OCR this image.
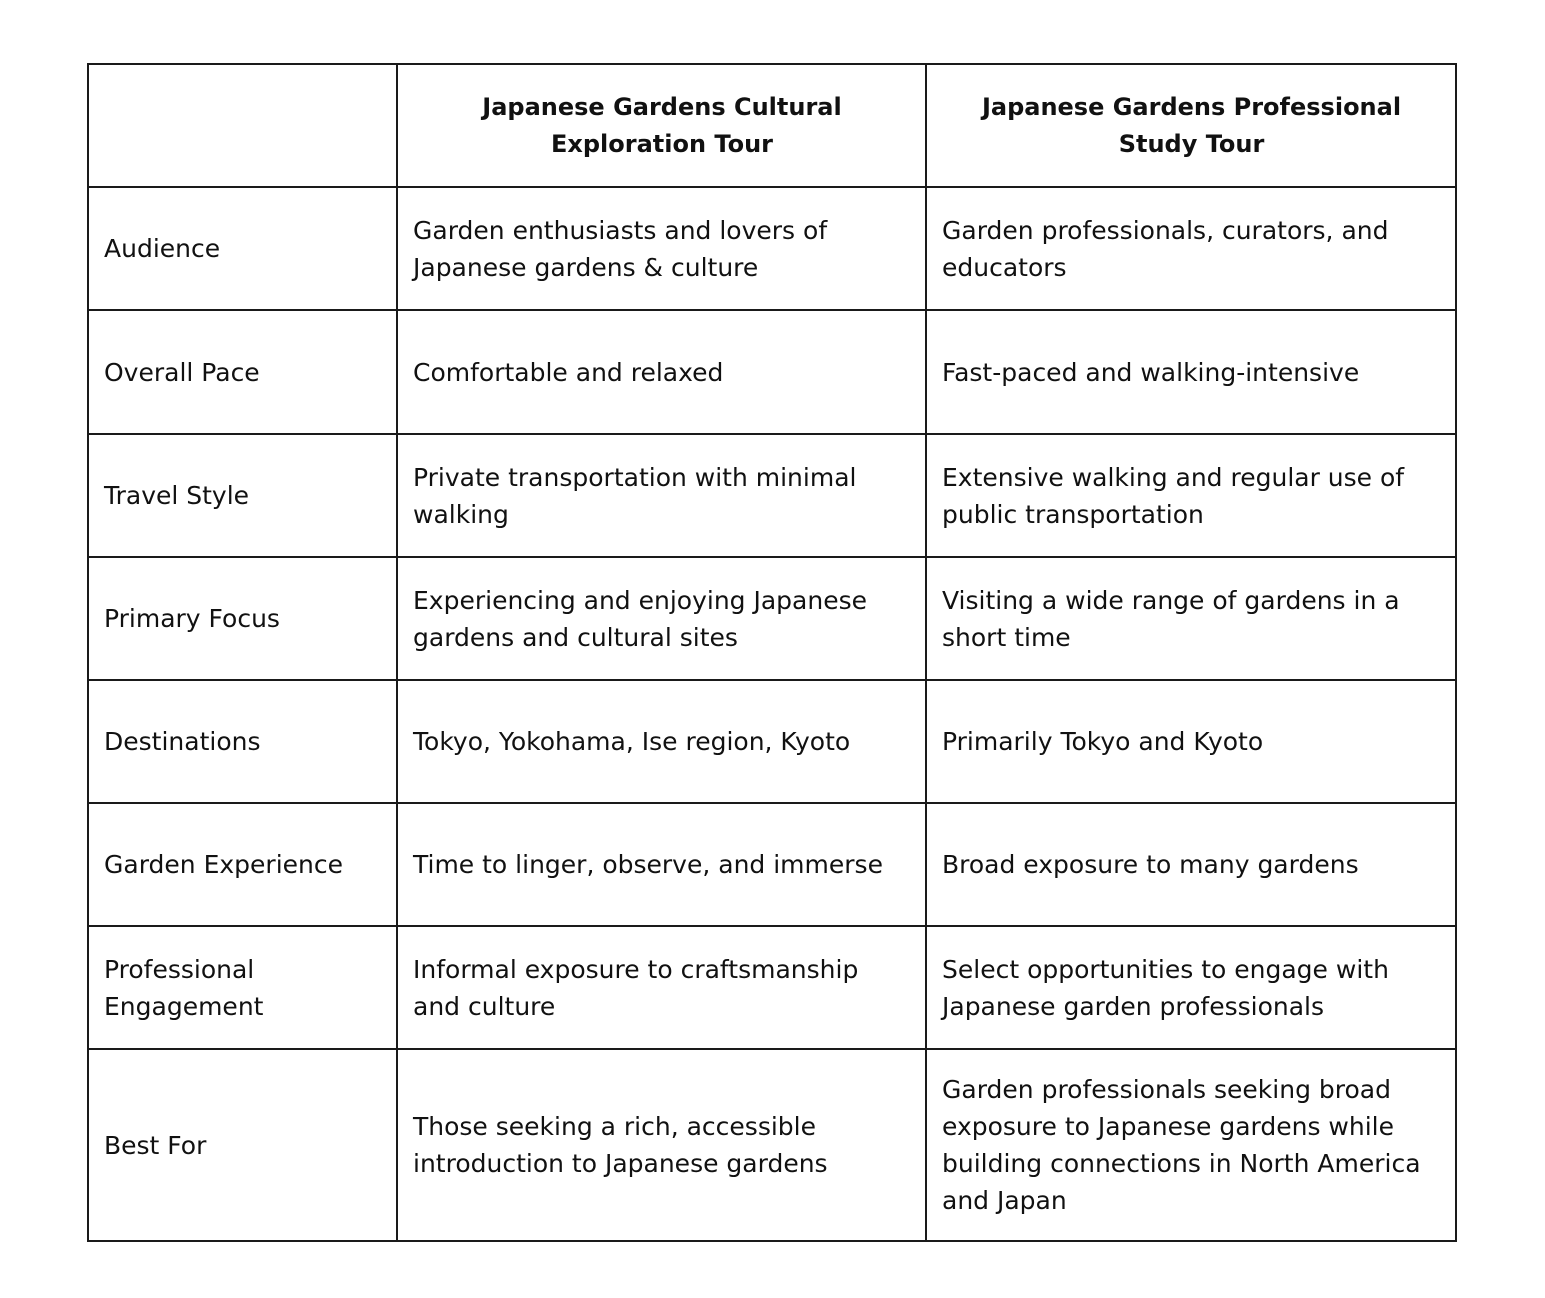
	Japanese Gardens Cultural Exploration Tour	Japanese Gardens Professional Study Tour
Audience	Garden enthusiasts and lovers of Japanese gardens & culture	Garden professionals, curators, and educators
Overall Pace	Comfortable and relaxed	Fast-paced and walking-intensive
Travel Style	Private transportation with minimal walking	Extensive walking and regular use of public transportation
Primary Focus	Experiencing and enjoying Japanese gardens and cultural sites	Visiting a wide range of gardens in a short time
Destinations	Tokyo, Yokohama, Ise region, Kyoto	Primarily Tokyo and Kyoto
Garden Experience	Time to linger, observe, and immerse	Broad exposure to many gardens
Professional Engagement	Informal exposure to craftsmanship and culture	Select opportunities to engage with Japanese garden professionals
Best For	Those seeking a rich, accessible introduction to Japanese gardens	Garden professionals seeking broad exposure to Japanese gardens while building connections in North America and Japan
